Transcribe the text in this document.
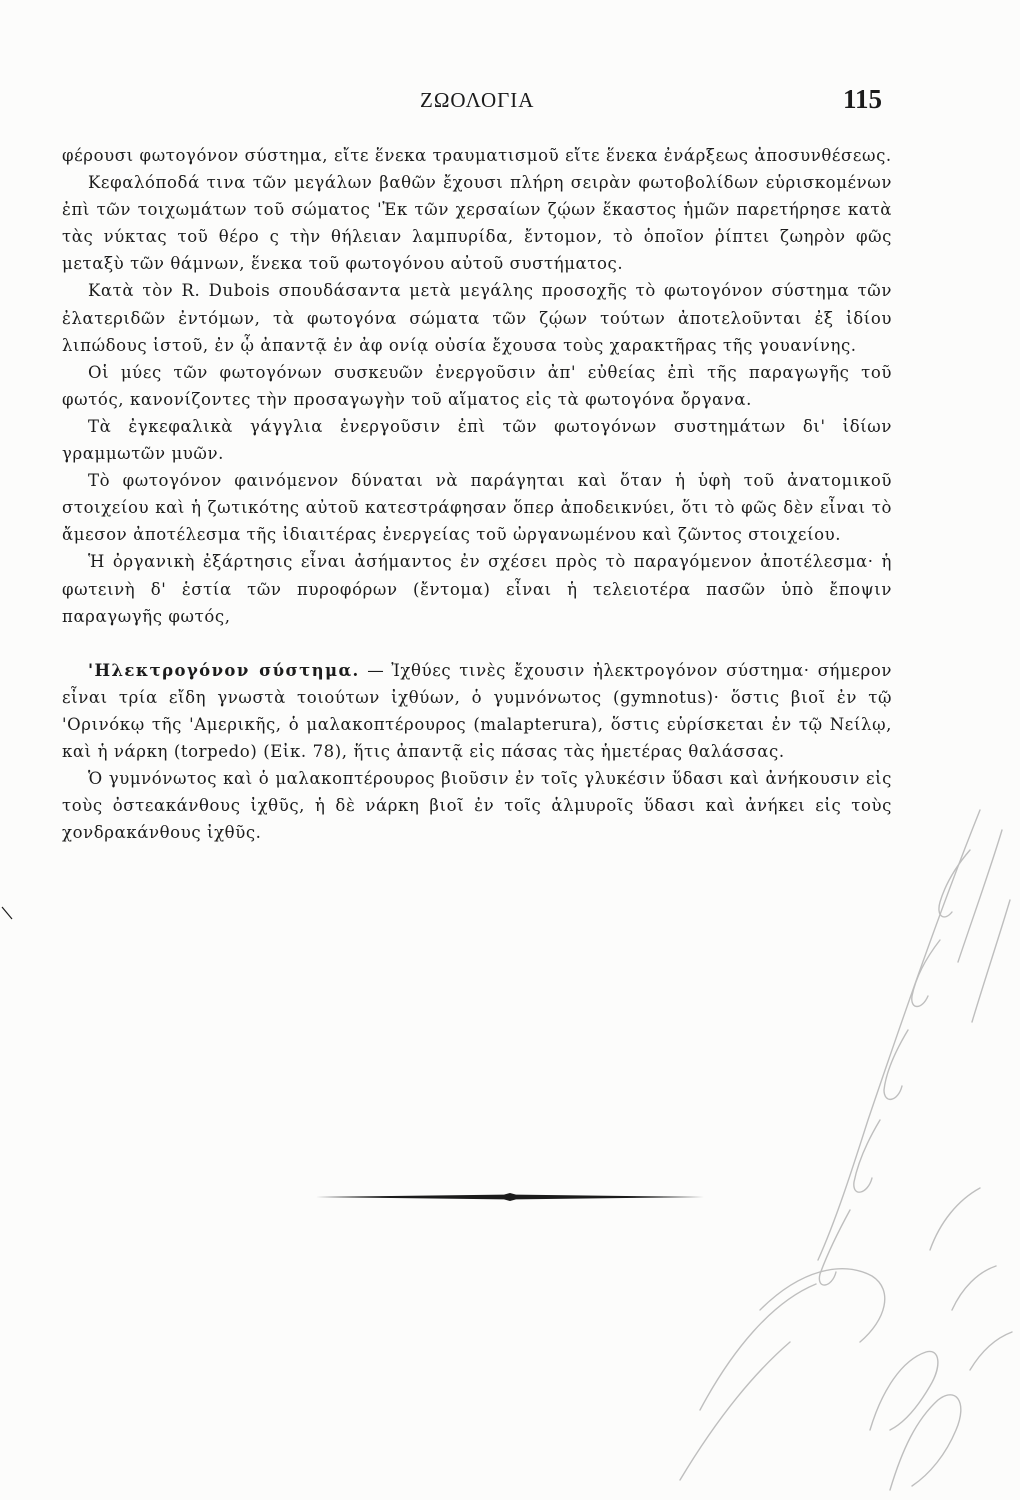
ΖΩΟΛΟΓΙΑ	115

φέρουσι φωτογόνον σύστημα, εἴτε ἕνεκα τραυματισμοῦ εἴτε ἕνεκα ἐνάρξεως ἀποσυνθέσεως.

Κεφαλόποδά τινα τῶν μεγάλων βαθῶν ἔχουσι πλήρη σειρὰν φωτοβολίδων εὑρισκομένων ἐπὶ τῶν τοιχωμάτων τοῦ σώματος 'Ἐκ τῶν χερσαίων ζῴων ἕκαστος ἡμῶν παρετήρησε κατὰ τὰς νύκτας τοῦ θέρο ς τὴν θήλειαν λαμπυρίδα, ἔντομον, τὸ ὁποῖον ῥίπτει ζωηρὸν φῶς μεταξὺ τῶν θάμνων, ἕνεκα τοῦ φωτογόνου αὐτοῦ συστήματος.

Κατὰ τὸν R. Dubois σπουδάσαντα μετὰ μεγάλης προσοχῆς τὸ φωτογόνον σύστημα τῶν ἐλατεριδῶν ἐντόμων, τὰ φωτογόνα σώματα τῶν ζῴων τούτων ἀποτελοῦνται ἐξ ἰδίου λιπώδους ἱστοῦ, ἐν ᾧ ἀπαντᾷ ἐν ἀφ ονίᾳ οὐσία ἔχουσα τοὺς χαρακτῆρας τῆς γουανίνης.

Οἱ μύες τῶν φωτογόνων συσκευῶν ἐνεργοῦσιν ἀπ' εὐθείας ἐπὶ τῆς παραγωγῆς τοῦ φωτός, κανονίζοντες τὴν προσαγωγὴν τοῦ αἵματος εἰς τὰ φωτογόνα ὄργανα.

Τὰ ἐγκεφαλικὰ γάγγλια ἐνεργοῦσιν ἐπὶ τῶν φωτογόνων συστημάτων δι' ἰδίων γραμμωτῶν μυῶν.

Τὸ φωτογόνον φαινόμενον δύναται νὰ παράγηται καὶ ὅταν ἡ ὑφὴ τοῦ ἀνατομικοῦ στοιχείου καὶ ἡ ζωτικότης αὐτοῦ κατεστράφησαν ὅπερ ἀποδεικνύει, ὅτι τὸ φῶς δὲν εἶναι τὸ ἄμεσον ἀποτέλεσμα τῆς ἰδιαιτέρας ἐνεργείας τοῦ ὠργανωμένου καὶ ζῶντος στοιχείου.

Ἡ ὀργανικὴ ἐξάρτησις εἶναι ἀσήμαντος ἐν σχέσει πρὸς τὸ παραγόμενον ἀποτέλεσμα· ἡ φωτεινὴ δ' ἑστία τῶν πυροφόρων (ἔντομα) εἶναι ἡ τελειοτέρα πασῶν ὑπὸ ἔποψιν παραγωγῆς φωτός,

'Ηλεκτρογόνον σύστημα. — Ἰχθύες τινὲς ἔχουσιν ἠλεκτρογόνον σύστημα· σήμερον εἶναι τρία εἴδη γνωστὰ τοιούτων ἰχθύων, ὁ γυμνόνωτος (gymnotus)· ὅστις βιοῖ ἐν τῷ 'Ορινόκῳ τῆς 'Αμερικῆς, ὁ μαλακοπτέρουρος (malapterura), ὅστις εὑρίσκεται ἐν τῷ Νείλῳ, καὶ ἡ νάρκη (torpedo) (Εἰκ. 78), ἥτις ἀπαντᾷ εἰς πάσας τὰς ἡμετέρας θαλάσσας.

Ὁ γυμνόνωτος καὶ ὁ μαλακοπτέρουρος βιοῦσιν ἐν τοῖς γλυκέσιν ὕδασι καὶ ἀνήκουσιν εἰς τοὺς ὀστεακάνθους ἰχθῦς, ἡ δὲ νάρκη βιοῖ ἐν τοῖς ἁλμυροῖς ὕδασι καὶ ἀνήκει εἰς τοὺς χονδρακάνθους ἰχθῦς.
